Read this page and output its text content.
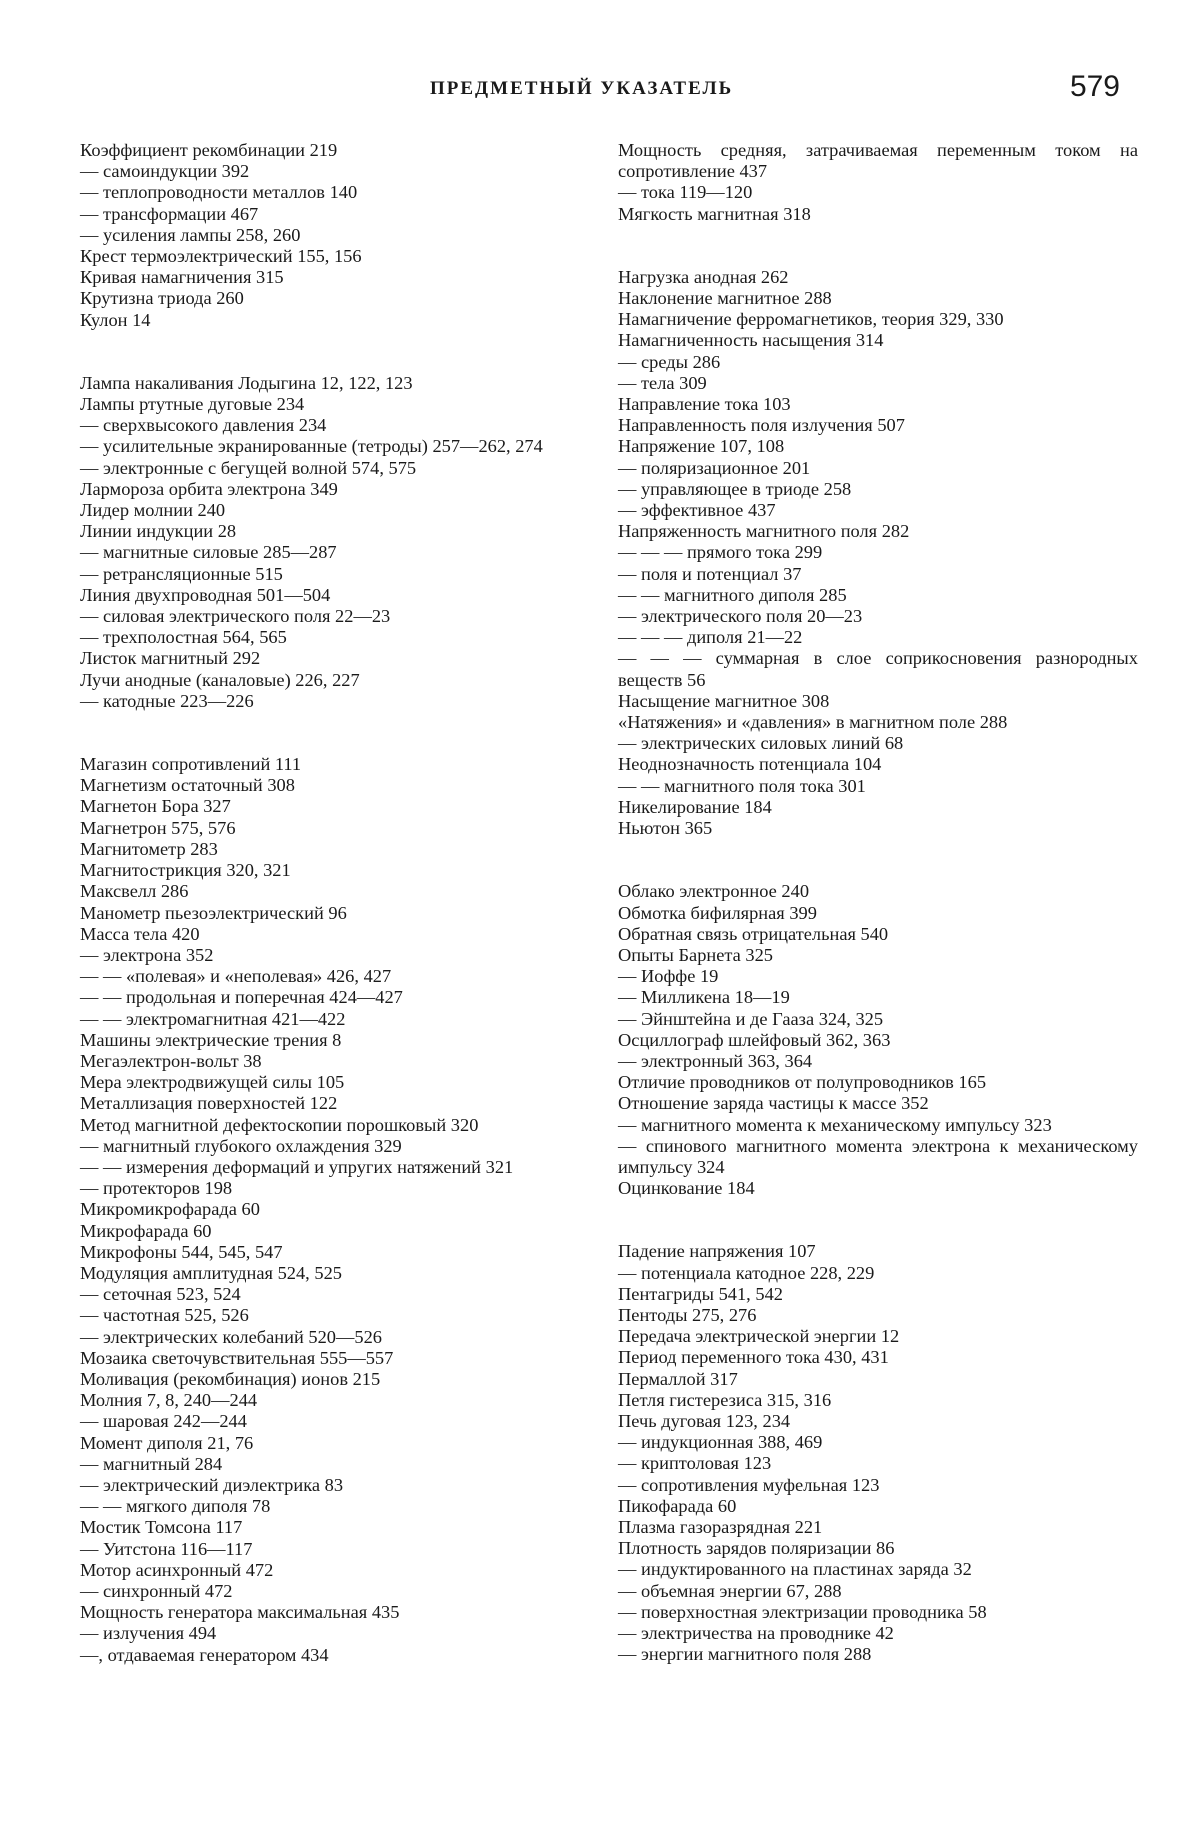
ПРЕДМЕТНЫЙ УКАЗАТЕЛЬ	579
Коэффициент рекомбинации 219
— самоиндукции 392
— теплопроводности металлов 140
— трансформации 467
— усиления лампы 258, 260
Крест термоэлектрический 155, 156
Кривая намагничения 315
Крутизна триода 260
Кулон 14
Лампа накаливания Лодыгина 12, 122, 123
Лампы ртутные дуговые 234
— сверхвысокого давления 234
— усилительные экранированные (тетроды) 257—262, 274
— электронные с бегущей волной 574, 575
Лармороза орбита электрона 349
Лидер молнии 240
Линии индукции 28
— магнитные силовые 285—287
— ретрансляционные 515
Линия двухпроводная 501—504
— силовая электрического поля 22—23
— трехполостная 564, 565
Листок магнитный 292
Лучи анодные (каналовые) 226, 227
— катодные 223—226
Магазин сопротивлений 111
Магнетизм остаточный 308
Магнетон Бора 327
Магнетрон 575, 576
Магнитометр 283
Магнитострикция 320, 321
Максвелл 286
Манометр пьезоэлектрический 96
Масса тела 420
— электрона 352
— — «полевая» и «неполевая» 426, 427
— — продольная и поперечная 424—427
— — электромагнитная 421—422
Машины электрические трения 8
Мегаэлектрон-вольт 38
Мера электродвижущей силы 105
Металлизация поверхностей 122
Метод магнитной дефектоскопии порошковый 320
— магнитный глубокого охлаждения 329
— — измерения деформаций и упругих натяжений 321
— протекторов 198
Микромикрофарада 60
Микрофарада 60
Микрофоны 544, 545, 547
Модуляция амплитудная 524, 525
— сеточная 523, 524
— частотная 525, 526
— электрических колебаний 520—526
Мозаика светочувствительная 555—557
Моливация (рекомбинация) ионов 215
Молния 7, 8, 240—244
— шаровая 242—244
Момент диполя 21, 76
— магнитный 284
— электрический диэлектрика 83
— — мягкого диполя 78
Мостик Томсона 117
— Уитстона 116—117
Мотор асинхронный 472
— синхронный 472
Мощность генератора максимальная 435
— излучения 494
—, отдаваемая генератором 434
Мощность средняя, затрачиваемая переменным током на сопротивление 437
— тока 119—120
Мягкость магнитная 318
Нагрузка анодная 262
Наклонение магнитное 288
Намагничение ферромагнетиков, теория 329, 330
Намагниченность насыщения 314
— среды 286
— тела 309
Направление тока 103
Направленность поля излучения 507
Напряжение 107, 108
— поляризационное 201
— управляющее в триоде 258
— эффективное 437
Напряженность магнитного поля 282
— — — прямого тока 299
— поля и потенциал 37
— — магнитного диполя 285
— электрического поля 20—23
— — — диполя 21—22
— — — суммарная в слое соприкосновения разнородных веществ 56
Насыщение магнитное 308
«Натяжения» и «давления» в магнитном поле 288
— электрических силовых линий 68
Неоднозначность потенциала 104
— — магнитного поля тока 301
Никелирование 184
Ньютон 365
Облако электронное 240
Обмотка бифилярная 399
Обратная связь отрицательная 540
Опыты Барнета 325
— Иоффе 19
— Милликена 18—19
— Эйнштейна и де Гааза 324, 325
Осциллограф шлейфовый 362, 363
— электронный 363, 364
Отличие проводников от полупроводников 165
Отношение заряда частицы к массе 352
— магнитного момента к механическому импульсу 323
— спинового магнитного момента электрона к механическому импульсу 324
Оцинкование 184
Падение напряжения 107
— потенциала катодное 228, 229
Пентагриды 541, 542
Пентоды 275, 276
Передача электрической энергии 12
Период переменного тока 430, 431
Пермаллой 317
Петля гистерезиса 315, 316
Печь дуговая 123, 234
— индукционная 388, 469
— криптоловая 123
— сопротивления муфельная 123
Пикофарада 60
Плазма газоразрядная 221
Плотность зарядов поляризации 86
— индуктированного на пластинах заряда 32
— объемная энергии 67, 288
— поверхностная электризации проводника 58
— электричества на проводнике 42
— энергии магнитного поля 288
